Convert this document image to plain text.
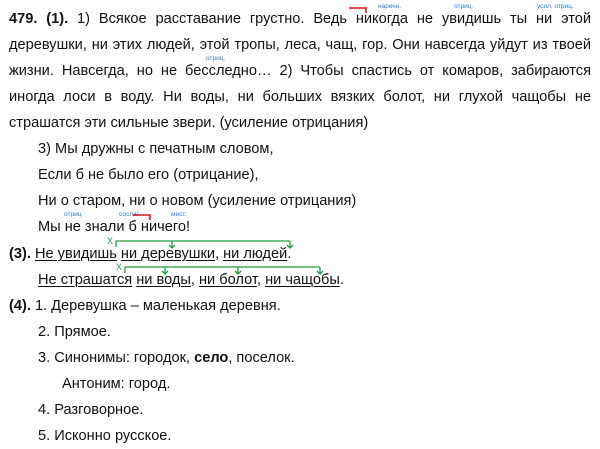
479. (1). 1) Всякое расставание грустно. Ведь никогда не увидишь ты ни этой
деревушки, ни этих людей, этой тропы, леса, чащ, гор. Они навсегда уйдут из твоей
жизни. Навсегда, но не бесследно… 2) Чтобы спастись от комаров, забираются
иногда лоси в воду. Ни воды, ни больших вязких болот, ни глухой чащобы не
страшатся эти сильные звери. (усиление отрицания)
наречн.	отриц.	усил. отриц.
отриц.
3) Мы дружны с печатным словом,
Если б не было его (отрицание),
Ни о старом, ни о новом (усиление отрицания)
Мы не знали б ничего!
отриц.	сослаг.	мест.
(3). Не увидишь ни деревушки, ни людей.
Не страшатся ни воды, ни болот, ни чащобы.
X
X
(4). 1. Деревушка – маленькая деревня.
2. Прямое.
3. Синонимы: городок, село, поселок.
Антоним: город.
4. Разговорное.
5. Исконно русское.
